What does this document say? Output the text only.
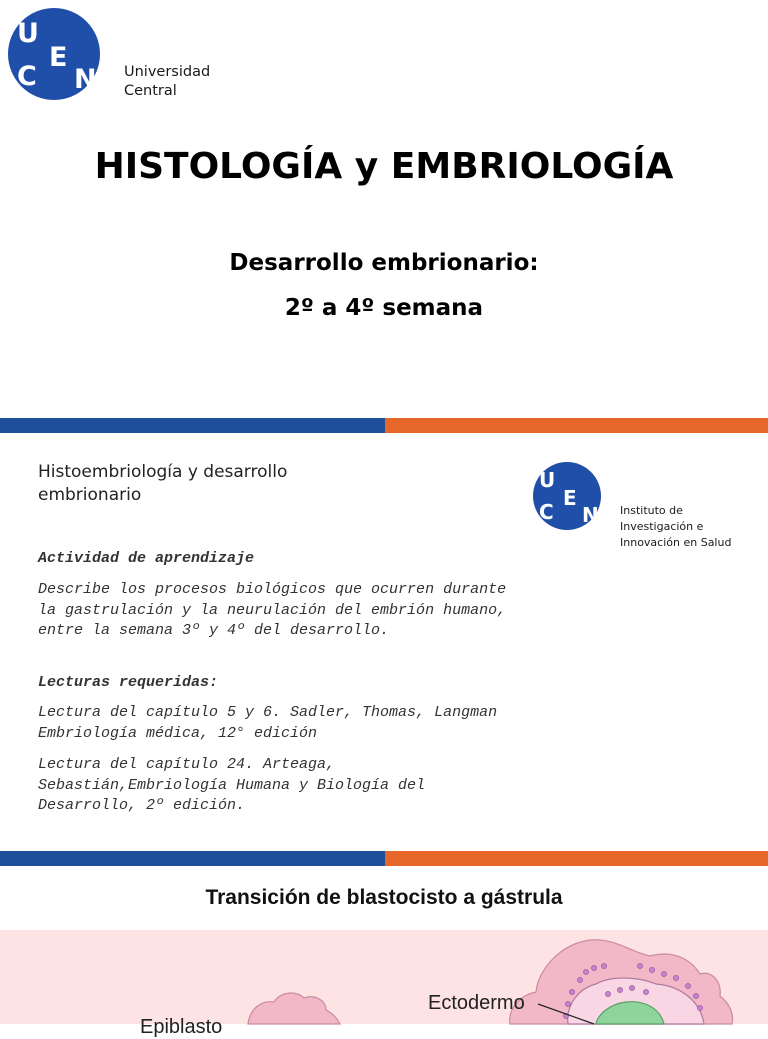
U
C
E
N Universidad
Central
HISTOLOGÍA y EMBRIOLOGÍA
Desarrollo embrionario:
2º a 4º semana
Histoembriología y desarrollo embrionario
U
C
E
N Instituto de
Investigación e
Innovación en Salud
Actividad de aprendizaje
Describe los procesos biológicos que ocurren durante la gastrulación y la neurulación del embrión humano, entre la semana 3º y 4º del desarrollo.
Lecturas requeridas:
Lectura del capítulo 5 y 6. Sadler, Thomas, Langman Embriología médica, 12° edición
Lectura del capítulo 24. Arteaga, Sebastián,Embriología Humana y Biología del Desarrollo, 2º edición.
Transición de blastocisto a gástrula
Ectodermo
Epiblasto
